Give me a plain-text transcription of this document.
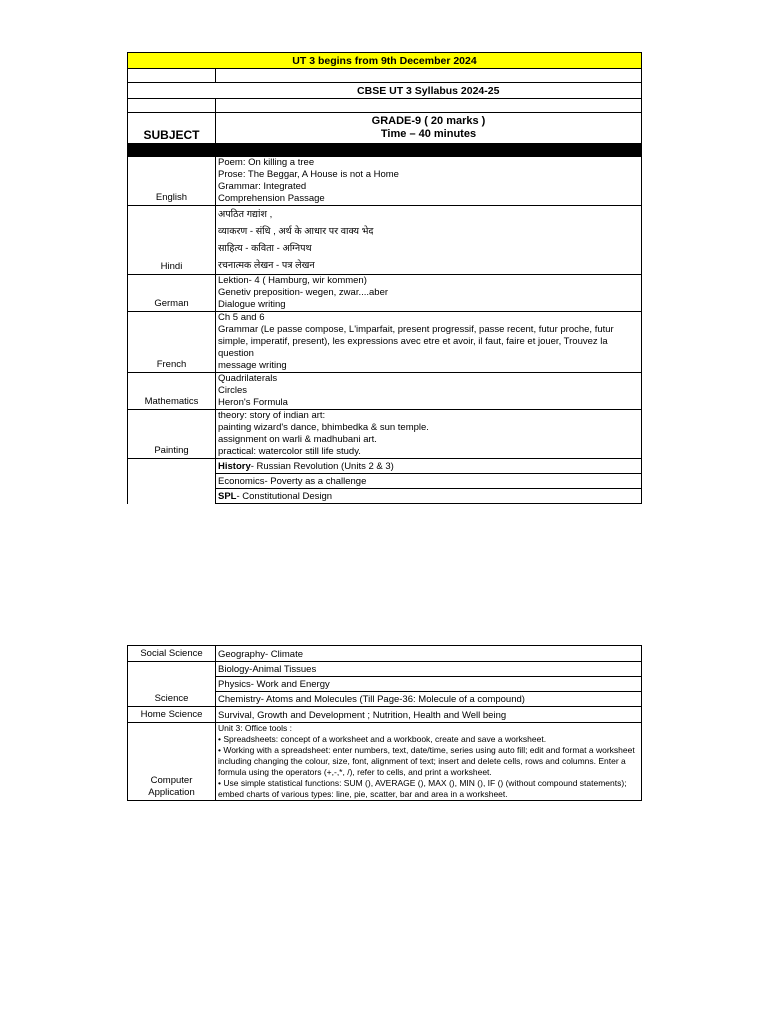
UT 3 begins from 9th December 2024	

	CBSE UT 3 Syllabus 2024-25

SUBJECT	GRADE-9 ( 20 marks )
Time – 40 minutes

English	Poem: On killing a tree
Prose: The Beggar, A House is not a Home
Grammar: Integrated
Comprehension Passage

Hindi	अपठित गद्यांश ,
व्याकरण - संधि , अर्थ के आधार पर वाक्य भेद
साहित्य - कविता - अग्निपथ
रचनात्मक लेखन - पत्र लेखन

German	Lektion- 4 ( Hamburg, wir kommen)
Genetiv preposition- wegen, zwar....aber
Dialogue writing

French	Ch 5 and 6
Grammar (Le passe compose, L'imparfait, present progressif, passe recent, futur proche, futur simple, imperatif, present), les expressions avec etre et avoir, il faut, faire et jouer, Trouvez la question
message writing

Mathematics	Quadrilaterals
Circles
Heron's Formula

Painting	theory: story of indian art:
painting wizard's dance, bhimbedka & sun temple.
assignment on warli & madhubani art.
practical: watercolor still life study.

	History- Russian Revolution (Units 2 & 3)
	Economics- Poverty as a challenge
	SPL- Constitutional Design
Social Science	Geography- Climate
Science	Biology-Animal Tissues
	Physics- Work and Energy
	Chemistry- Atoms and Molecules (Till Page-36: Molecule of a compound)
Home Science	Survival, Growth and Development ; Nutrition, Health and Well being

Computer
Application	Unit 3: Office tools :
• Spreadsheets: concept of a worksheet and a workbook, create and save a worksheet.
• Working with a spreadsheet: enter numbers, text, date/time, series using auto fill; edit and format a worksheet including changing the colour, size, font, alignment of text; insert and delete cells, rows and columns. Enter a formula using the operators (+,-,*, /), refer to cells, and print a worksheet.
• Use simple statistical functions: SUM (), AVERAGE (), MAX (), MIN (), IF () (without compound statements); embed charts of various types: line, pie, scatter, bar and area in a worksheet.
